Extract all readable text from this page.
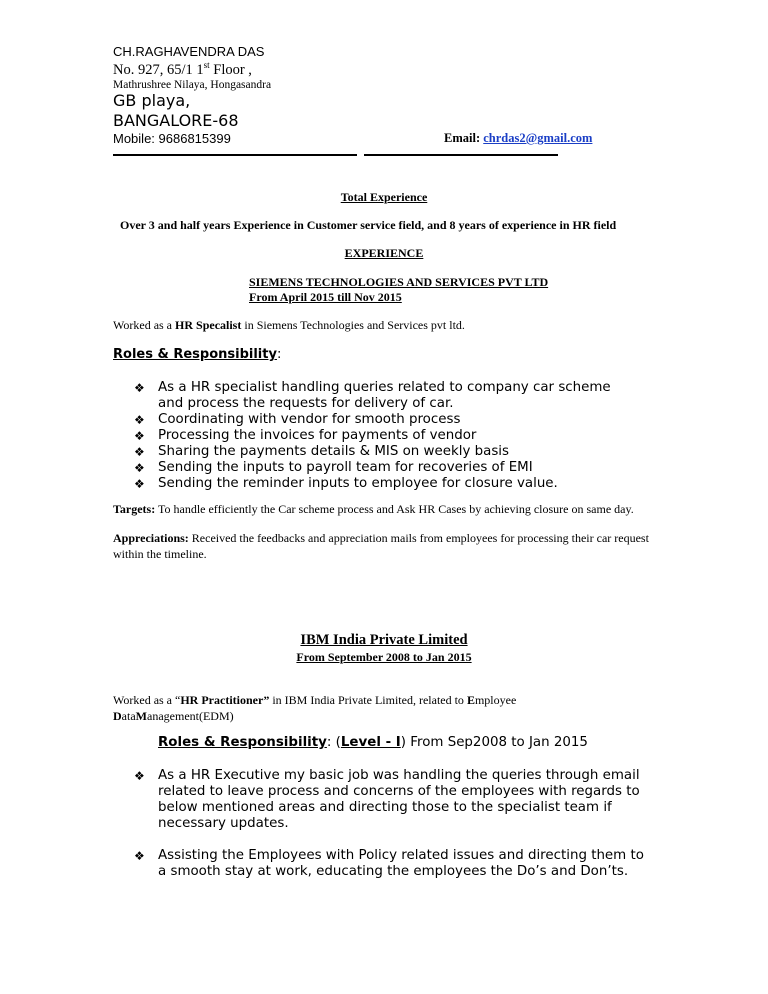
CH.RAGHAVENDRA DAS
No. 927, 65/1 1st Floor ,
Mathrushree Nilaya, Hongasandra
GB playa,
BANGALORE-68
Mobile: 9686815399	Email: chrdas2@gmail.com
Total Experience
Over 3 and half years Experience in Customer service field, and 8 years of experience in HR field
EXPERIENCE
SIEMENS TECHNOLOGIES AND SERVICES PVT LTD
From April 2015 till Nov 2015
Worked as a HR Specalist in Siemens Technologies and Services pvt ltd.
Roles & Responsibility:
❖ As a HR specialist handling queries related to company car scheme and process the requests for delivery of car.
❖ Coordinating with vendor for smooth process
❖ Processing the invoices for payments of vendor
❖ Sharing the payments details & MIS on weekly basis
❖ Sending the inputs to payroll team for recoveries of EMI
❖ Sending the reminder inputs to employee for closure value.
Targets: To handle efficiently the Car scheme process and Ask HR Cases by achieving closure on same day.
Appreciations: Received the feedbacks and appreciation mails from employees for processing their car request within the timeline.
IBM India Private Limited
From September 2008 to Jan 2015
Worked as a “HR Practitioner” in IBM India Private Limited, related to Employee DataManagement(EDM)
Roles & Responsibility: (Level - I) From Sep2008 to Jan 2015
❖ As a HR Executive my basic job was handling the queries through email related to leave process and concerns of the employees with regards to below mentioned areas and directing those to the specialist team if necessary updates.
❖ Assisting the Employees with Policy related issues and directing them to a smooth stay at work, educating the employees the Do’s and Don’ts.
